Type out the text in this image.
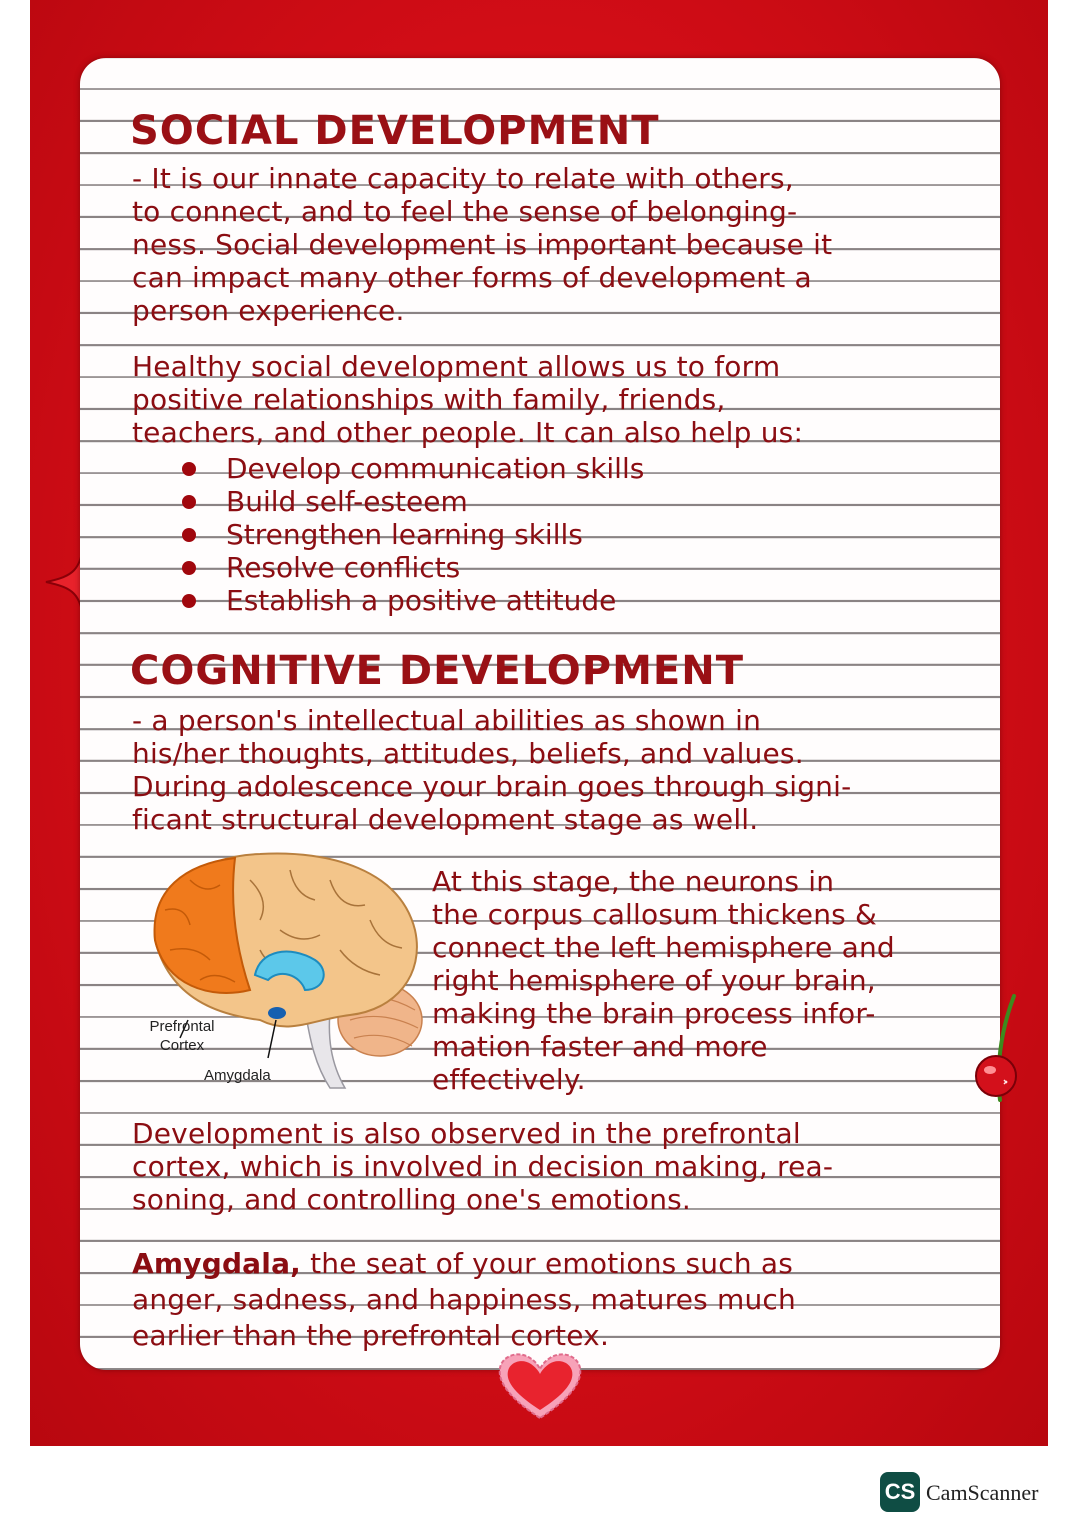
SOCIAL DEVELOPMENT
- It is our innate capacity to relate with others,
to connect, and to feel the sense of belonging-
ness. Social development is important because it
can impact many other forms of development a
person experience.
Healthy social development allows us to form
positive relationships with family, friends,
teachers, and other people. It can also help us:
Develop communication skills
Build self-esteem
Strengthen learning skills
Resolve conflicts
Establish a positive attitude
COGNITIVE DEVELOPMENT
- a person's intellectual abilities as shown in
his/her thoughts, attitudes, beliefs, and values.
During adolescence your brain goes through signi-
ficant structural development stage as well.
Prefrontal
Cortex
Amygdala
At this stage, the neurons in
the corpus callosum thickens &
connect the left hemisphere and
right hemisphere of your brain,
making the brain process infor-
mation faster and more
effectively.
Development is also observed in the prefrontal
cortex, which is involved in decision making, rea-
soning, and controlling one's emotions.
Amygdala, the seat of your emotions such as
anger, sadness, and happiness, matures much
earlier than the prefrontal cortex.
CS CamScanner
